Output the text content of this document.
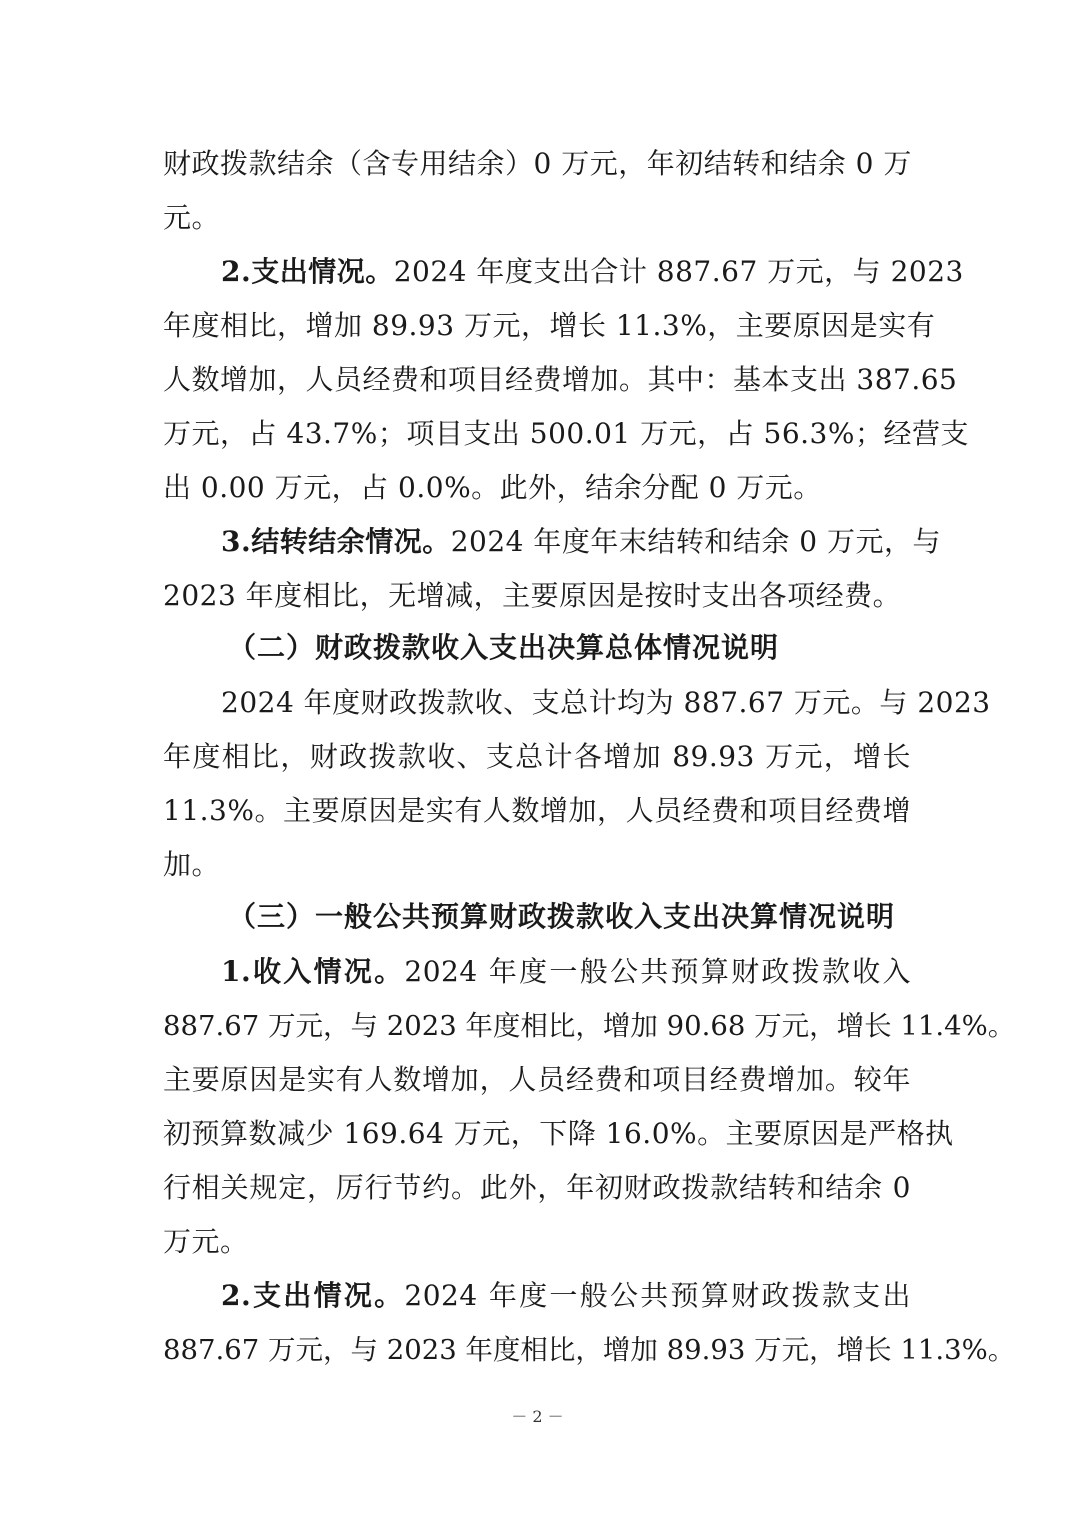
财政拨款结余（含专用结余）0 万元，年初结转和结余 0 万
元。
2.支出情况。2024 年度支出合计 887.67 万元，与 2023
年度相比，增加 89.93 万元，增长 11.3%，主要原因是实有
人数增加，人员经费和项目经费增加。其中：基本支出 387.65
万元，占 43.7%；项目支出 500.01 万元，占 56.3%；经营支
出 0.00 万元，占 0.0%。此外，结余分配 0 万元。
3.结转结余情况。2024 年度年末结转和结余 0 万元，与
2023 年度相比，无增减，主要原因是按时支出各项经费。
（二）财政拨款收入支出决算总体情况说明
2024 年度财政拨款收、支总计均为 887.67 万元。与 2023
年度相比，财政拨款收、支总计各增加 89.93 万元，增长
11.3%。主要原因是实有人数增加，人员经费和项目经费增
加。
（三）一般公共预算财政拨款收入支出决算情况说明
1.收入情况。2024 年度一般公共预算财政拨款收入
887.67 万元，与 2023 年度相比，增加 90.68 万元，增长 11.4%。
主要原因是实有人数增加，人员经费和项目经费增加。较年
初预算数减少 169.64 万元，下降 16.0%。主要原因是严格执
行相关规定，厉行节约。此外，年初财政拨款结转和结余 0
万元。
2.支出情况。2024 年度一般公共预算财政拨款支出
887.67 万元，与 2023 年度相比，增加 89.93 万元，增长 11.3%。
－ 2 －
